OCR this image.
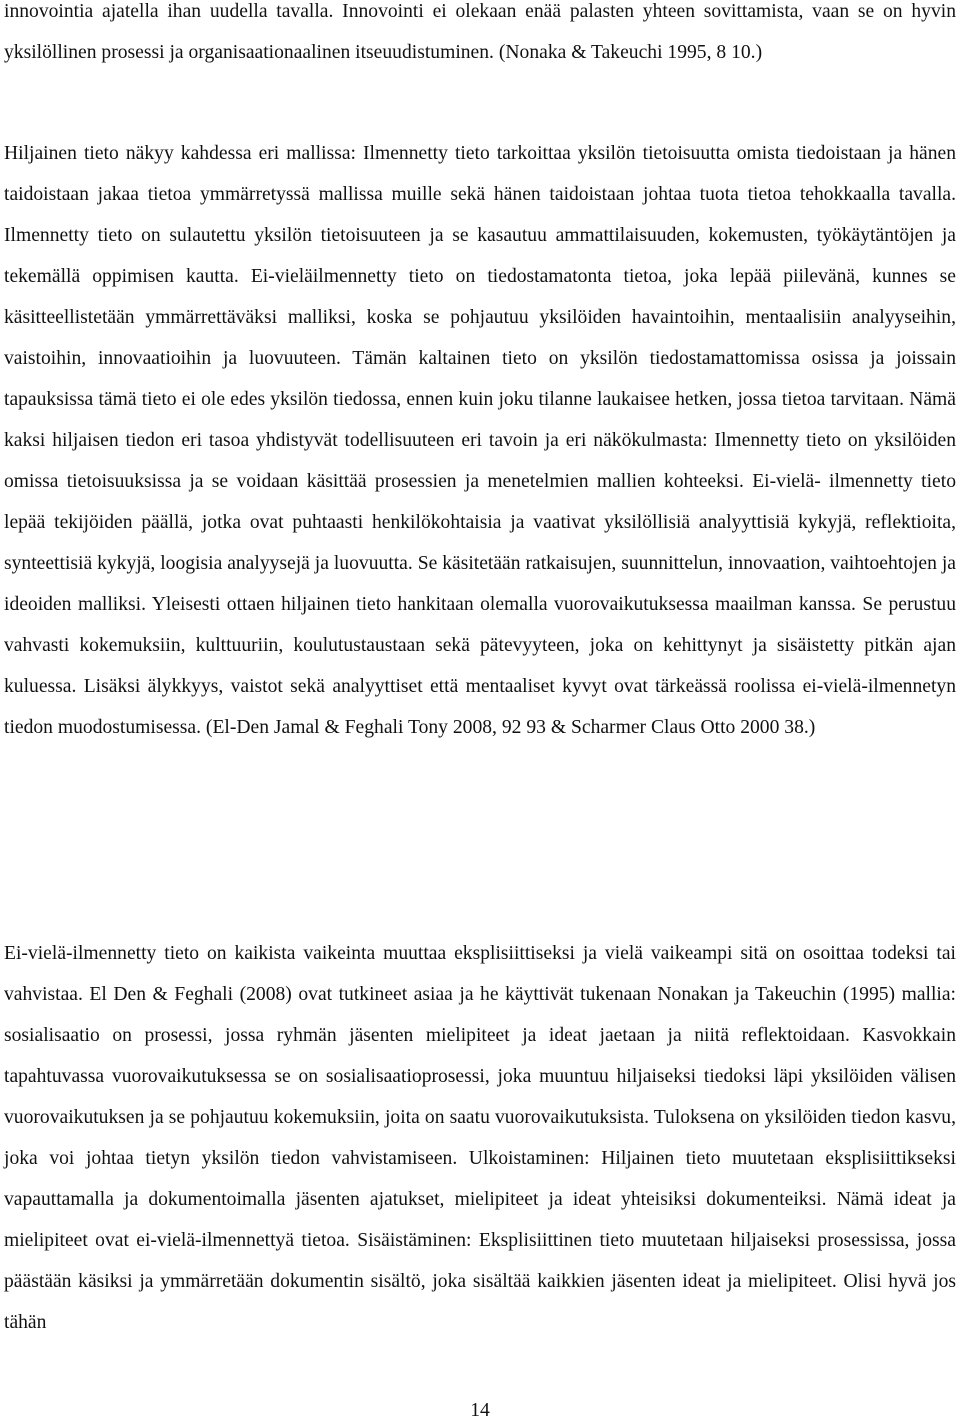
innovointia ajatella ihan uudella tavalla. Innovointi ei olekaan enää palasten yhteen sovittamista, vaan se on hyvin yksilöllinen prosessi ja organisaationaalinen itseuudistuminen. (Nonaka & Takeuchi 1995, 8 10.)

Hiljainen tieto näkyy kahdessa eri mallissa: Ilmennetty tieto tarkoittaa yksilön tietoisuutta omista tiedoistaan ja hänen taidoistaan jakaa tietoa ymmärretyssä mallissa muille sekä hänen taidoistaan johtaa tuota tietoa tehokkaalla tavalla. Ilmennetty tieto on sulautettu yksilön tietoisuuteen ja se kasautuu ammattilaisuuden, kokemusten, työkäytäntöjen ja tekemällä oppimisen kautta. Ei-vieläilmennetty tieto on tiedostamatonta tietoa, joka lepää piilevänä, kunnes se käsitteellistetään ymmärrettäväksi malliksi, koska se pohjautuu yksilöiden havaintoihin, mentaalisiin analyyseihin, vaistoihin, innovaatioihin ja luovuuteen. Tämän kaltainen tieto on yksilön tiedostamattomissa osissa ja joissain tapauksissa tämä tieto ei ole edes yksilön tiedossa, ennen kuin joku tilanne laukaisee hetken, jossa tietoa tarvitaan. Nämä kaksi hiljaisen tiedon eri tasoa yhdistyvät todellisuuteen eri tavoin ja eri näkökulmasta: Ilmennetty tieto on yksilöiden omissa tietoisuuksissa ja se voidaan käsittää prosessien ja menetelmien mallien kohteeksi. Ei-vielä- ilmennetty tieto lepää tekijöiden päällä, jotka ovat puhtaasti henkilökohtaisia ja vaativat yksilöllisiä analyyttisiä kykyjä, reflektioita, synteettisiä kykyjä, loogisia analyysejä ja luovuutta. Se käsitetään ratkaisujen, suunnittelun, innovaation, vaihtoehtojen ja ideoiden malliksi. Yleisesti ottaen hiljainen tieto hankitaan olemalla vuorovaikutuksessa maailman kanssa. Se perustuu vahvasti kokemuksiin, kulttuuriin, koulutustaustaan sekä pätevyyteen, joka on kehittynyt ja sisäistetty pitkän ajan kuluessa. Lisäksi älykkyys, vaistot sekä analyyttiset että mentaaliset kyvyt ovat tärkeässä roolissa ei-vielä-ilmennetyn tiedon muodostumisessa. (El-Den Jamal & Feghali Tony 2008, 92 93 & Scharmer Claus Otto 2000 38.)

Ei-vielä-ilmennetty tieto on kaikista vaikeinta muuttaa eksplisiittiseksi ja vielä vaikeampi sitä on osoittaa todeksi tai vahvistaa. El Den & Feghali (2008) ovat tutkineet asiaa ja he käyttivät tukenaan Nonakan ja Takeuchin (1995) mallia: sosialisaatio on prosessi, jossa ryhmän jäsenten mielipiteet ja ideat jaetaan ja niitä reflektoidaan. Kasvokkain tapahtuvassa vuorovaikutuksessa se on sosialisaatioprosessi, joka muuntuu hiljaiseksi tiedoksi läpi yksilöiden välisen vuorovaikutuksen ja se pohjautuu kokemuksiin, joita on saatu vuorovaikutuksista. Tuloksena on yksilöiden tiedon kasvu, joka voi johtaa tietyn yksilön tiedon vahvistamiseen. Ulkoistaminen: Hiljainen tieto muutetaan eksplisiittikseksi vapauttamalla ja dokumentoimalla jäsenten ajatukset, mielipiteet ja ideat yhteisiksi dokumenteiksi. Nämä ideat ja mielipiteet ovat ei-vielä-ilmennettyä tietoa. Sisäistäminen: Eksplisiittinen tieto muutetaan hiljaiseksi prosessissa, jossa päästään käsiksi ja ymmärretään dokumentin sisältö, joka sisältää kaikkien jäsenten ideat ja mielipiteet. Olisi hyvä jos tähän

14
